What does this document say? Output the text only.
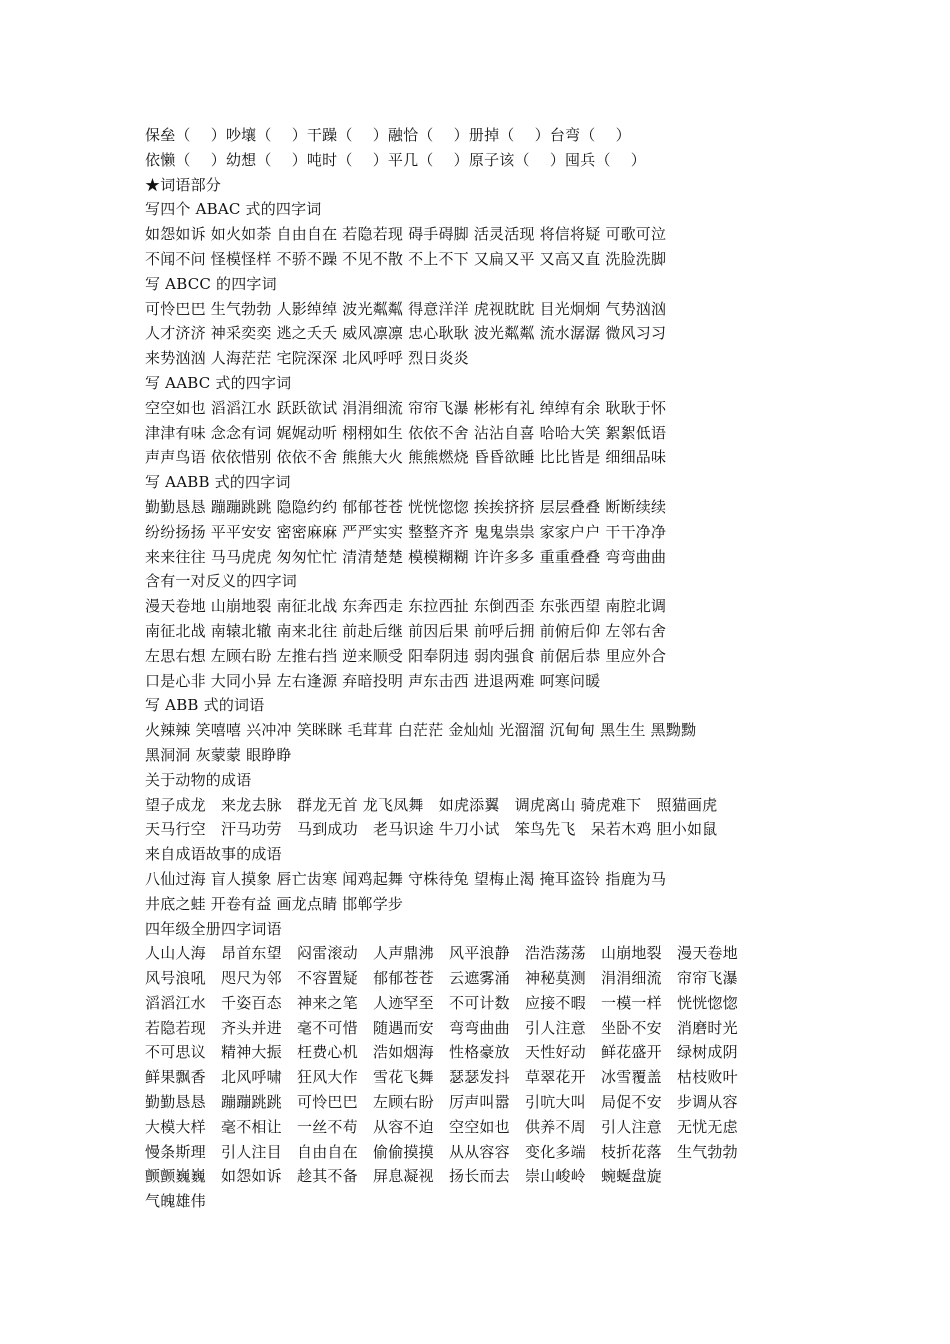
保垒（　 ）吵壤（　 ）干躁（　 ）融恰（　 ）册掉（　 ）台弯（　 ）
依懒（　 ）幼想（　 ）吨时（　 ）平几（　 ）原子该（　 ）囤兵（　 ）
★词语部分
写四个 ABAC 式的四字词
如怨如诉 如火如荼 自由自在 若隐若现 碍手碍脚 活灵活现 将信将疑 可歌可泣
不闻不问 怪模怪样 不骄不躁 不见不散 不上不下 又扁又平 又高又直 洗脸洗脚
写 ABCC 的四字词
可怜巴巴 生气勃勃 人影绰绰 波光粼粼 得意洋洋 虎视眈眈 目光炯炯 气势汹汹
人才济济 神采奕奕 逃之夭夭 威风凛凛 忠心耿耿 波光粼粼 流水潺潺 微风习习
来势汹汹 人海茫茫 宅院深深 北风呼呼 烈日炎炎
写 AABC 式的四字词
空空如也 滔滔江水 跃跃欲试 涓涓细流 帘帘飞瀑 彬彬有礼 绰绰有余 耿耿于怀
津津有味 念念有词 娓娓动听 栩栩如生 依依不舍 沾沾自喜 哈哈大笑 絮絮低语
声声鸟语 依依惜别 依依不舍 熊熊大火 熊熊燃烧 昏昏欲睡 比比皆是 细细品味
写 AABB 式的四字词
勤勤恳恳 蹦蹦跳跳 隐隐约约 郁郁苍苍 恍恍惚惚 挨挨挤挤 层层叠叠 断断续续
纷纷扬扬 平平安安 密密麻麻 严严实实 整整齐齐 鬼鬼祟祟 家家户户 干干净净
来来往往 马马虎虎 匆匆忙忙 清清楚楚 模模糊糊 许许多多 重重叠叠 弯弯曲曲
含有一对反义的四字词
漫天卷地 山崩地裂 南征北战 东奔西走 东拉西扯 东倒西歪 东张西望 南腔北调
南征北战 南辕北辙 南来北往 前赴后继 前因后果 前呼后拥 前俯后仰 左邻右舍
左思右想 左顾右盼 左推右挡 逆来顺受 阳奉阴违 弱肉强食 前倨后恭 里应外合
口是心非 大同小异 左右逢源 弃暗投明 声东击西 进退两难 呵寒问暖
写 ABB 式的词语
火辣辣 笑嘻嘻 兴冲冲 笑眯眯 毛茸茸 白茫茫 金灿灿 光溜溜 沉甸甸 黑生生 黑黝黝
黑洞洞 灰蒙蒙 眼睁睁
关于动物的成语
望子成龙　来龙去脉　群龙无首 龙飞凤舞　如虎添翼　调虎离山 骑虎难下　照猫画虎
天马行空　汗马功劳　马到成功　老马识途 牛刀小试　笨鸟先飞　呆若木鸡 胆小如鼠
来自成语故事的成语
八仙过海 盲人摸象 唇亡齿寒 闻鸡起舞 守株待兔 望梅止渴 掩耳盗铃 指鹿为马
井底之蛙 开卷有益 画龙点睛 邯郸学步
四年级全册四字词语
人山人海　昂首东望　闷雷滚动　人声鼎沸　风平浪静　浩浩荡荡　山崩地裂　漫天卷地
风号浪吼　咫尺为邻　不容置疑　郁郁苍苍　云遮雾涌　神秘莫测　涓涓细流　帘帘飞瀑
滔滔江水　千姿百态　神来之笔　人迹罕至　不可计数　应接不暇　一模一样　恍恍惚惚
若隐若现　齐头并进　毫不可惜　随遇而安　弯弯曲曲　引人注意　坐卧不安　消磨时光
不可思议　精神大振　枉费心机　浩如烟海　性格豪放　天性好动　鲜花盛开　绿树成阴
鲜果飘香　北风呼啸　狂风大作　雪花飞舞　瑟瑟发抖　草翠花开　冰雪覆盖　枯枝败叶
勤勤恳恳　蹦蹦跳跳　可怜巴巴　左顾右盼　厉声叫嚣　引吭大叫　局促不安　步调从容
大模大样　毫不相让　一丝不苟　从容不迫　空空如也　供养不周　引人注意　无忧无虑
慢条斯理　引人注目　自由自在　偷偷摸摸　从从容容　变化多端　枝折花落　生气勃勃
颤颤巍巍　如怨如诉　趁其不备　屏息凝视　扬长而去　崇山峻岭　蜿蜒盘旋
气魄雄伟
